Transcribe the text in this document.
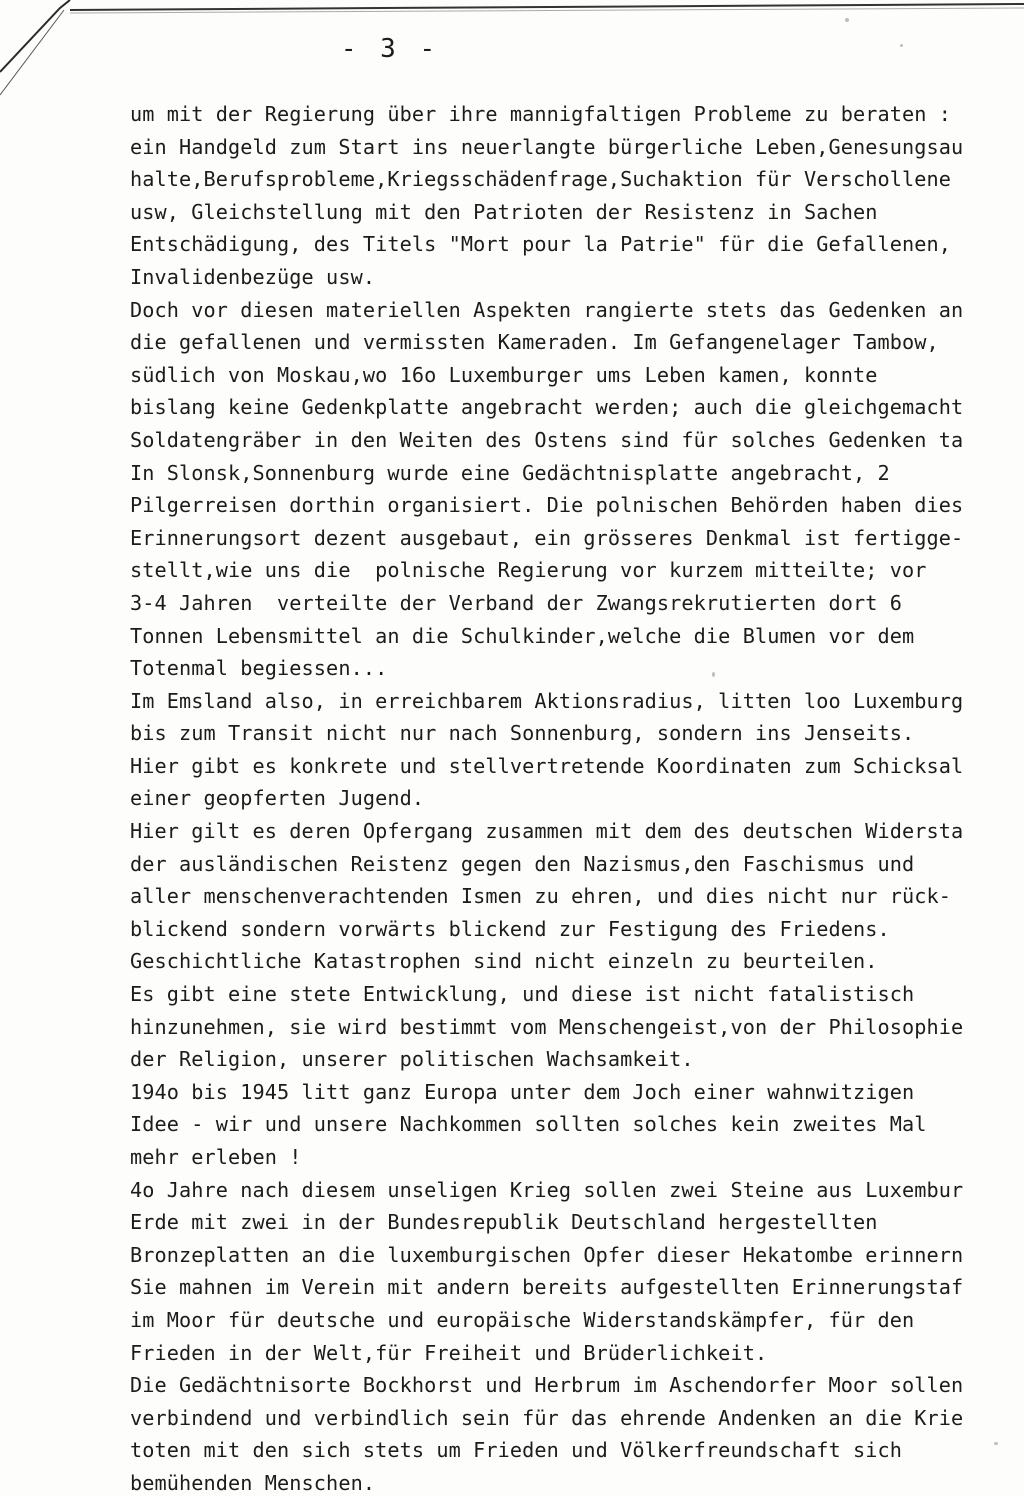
- 3 -
um mit der Regierung über ihre mannigfaltigen Probleme zu beraten :
ein Handgeld zum Start ins neuerlangte bürgerliche Leben,Genesungsau
halte,Berufsprobleme,Kriegsschädenfrage,Suchaktion für Verschollene
usw, Gleichstellung mit den Patrioten der Resistenz in Sachen
Entschädigung, des Titels "Mort pour la Patrie" für die Gefallenen,
Invalidenbezüge usw.
Doch vor diesen materiellen Aspekten rangierte stets das Gedenken an
die gefallenen und vermissten Kameraden. Im Gefangenelager Tambow,
südlich von Moskau,wo 16o Luxemburger ums Leben kamen, konnte
bislang keine Gedenkplatte angebracht werden; auch die gleichgemacht
Soldatengräber in den Weiten des Ostens sind für solches Gedenken ta
In Slonsk,Sonnenburg wurde eine Gedächtnisplatte angebracht, 2
Pilgerreisen dorthin organisiert. Die polnischen Behörden haben dies
Erinnerungsort dezent ausgebaut, ein grösseres Denkmal ist fertigge-
stellt,wie uns die  polnische Regierung vor kurzem mitteilte; vor
3-4 Jahren  verteilte der Verband der Zwangsrekrutierten dort 6
Tonnen Lebensmittel an die Schulkinder,welche die Blumen vor dem
Totenmal begiessen...
Im Emsland also, in erreichbarem Aktionsradius, litten loo Luxemburg
bis zum Transit nicht nur nach Sonnenburg, sondern ins Jenseits.
Hier gibt es konkrete und stellvertretende Koordinaten zum Schicksal
einer geopferten Jugend.
Hier gilt es deren Opfergang zusammen mit dem des deutschen Widersta
der ausländischen Reistenz gegen den Nazismus,den Faschismus und
aller menschenverachtenden Ismen zu ehren, und dies nicht nur rück-
blickend sondern vorwärts blickend zur Festigung des Friedens.
Geschichtliche Katastrophen sind nicht einzeln zu beurteilen.
Es gibt eine stete Entwicklung, und diese ist nicht fatalistisch
hinzunehmen, sie wird bestimmt vom Menschengeist,von der Philosophie
der Religion, unserer politischen Wachsamkeit.
194o bis 1945 litt ganz Europa unter dem Joch einer wahnwitzigen
Idee - wir und unsere Nachkommen sollten solches kein zweites Mal
mehr erleben !
4o Jahre nach diesem unseligen Krieg sollen zwei Steine aus Luxembur
Erde mit zwei in der Bundesrepublik Deutschland hergestellten
Bronzeplatten an die luxemburgischen Opfer dieser Hekatombe erinnern
Sie mahnen im Verein mit andern bereits aufgestellten Erinnerungstaf
im Moor für deutsche und europäische Widerstandskämpfer, für den
Frieden in der Welt,für Freiheit und Brüderlichkeit.
Die Gedächtnisorte Bockhorst und Herbrum im Aschendorfer Moor sollen
verbindend und verbindlich sein für das ehrende Andenken an die Krie
toten mit den sich stets um Frieden und Völkerfreundschaft sich
bemühenden Menschen.
